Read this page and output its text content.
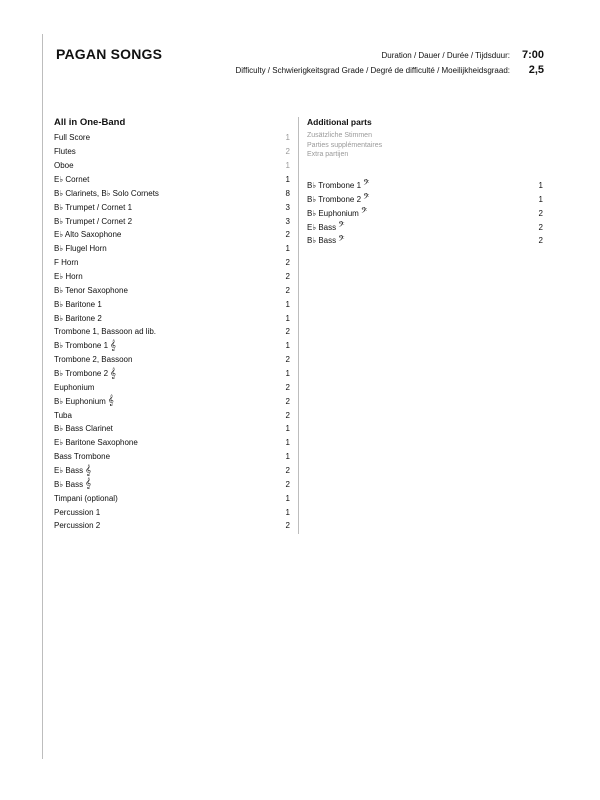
PAGAN SONGS	Duration / Dauer / Durée / Tijdsduur:	7:00
Difficulty / Schwierigkeitsgrad Grade / Degré de difficulté / Moeilijkheidsgraad:	2,5
All in One-Band
Full Score	1
Flutes	2
Oboe	1
E♭ Cornet	1
B♭ Clarinets, B♭ Solo Cornets	8
B♭ Trumpet / Cornet 1	3
B♭ Trumpet / Cornet 2	3
E♭ Alto Saxophone	2
B♭ Flugel Horn	1
F Horn	2
E♭ Horn	2
B♭ Tenor Saxophone	2
B♭ Baritone 1	1
B♭ Baritone 2	1
Trombone 1, Bassoon ad lib.	2
B♭ Trombone 1 𝄞	1
Trombone 2, Bassoon	2
B♭ Trombone 2 𝄞	1
Euphonium	2
B♭ Euphonium 𝄞	2
Tuba	2
B♭ Bass Clarinet	1
E♭ Baritone Saxophone	1
Bass Trombone	1
E♭ Bass 𝄞	2
B♭ Bass 𝄞	2
Timpani (optional)	1
Percussion 1	1
Percussion 2	2
Additional parts
Zusätzliche Stimmen
Parties supplémentaires
Extra partijen
B♭ Trombone 1 𝄢	1
B♭ Trombone 2 𝄢	1
B♭ Euphonium 𝄢	2
E♭ Bass 𝄢	2
B♭ Bass 𝄢	2
